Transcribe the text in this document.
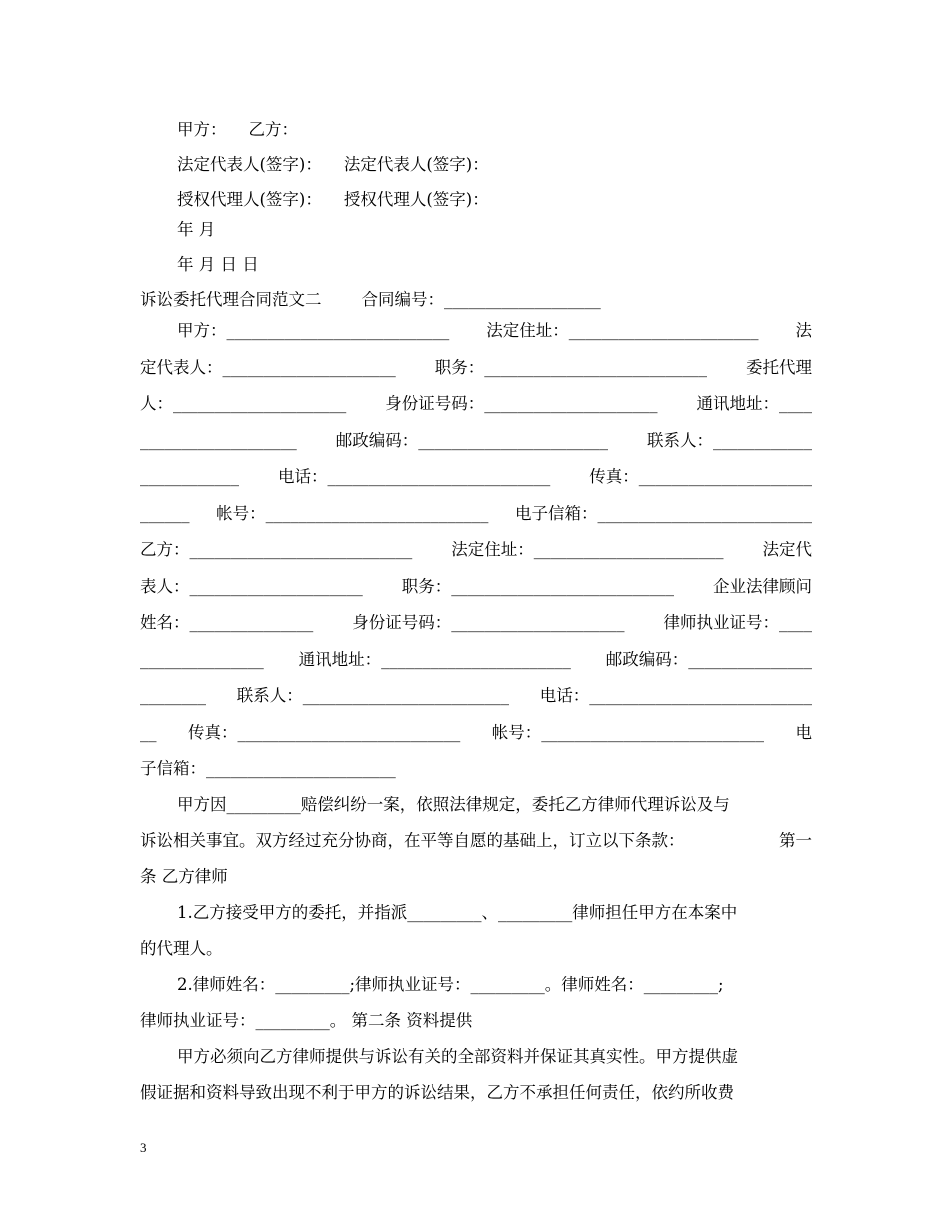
甲方： 乙方：
法定代表人(签字)： 法定代表人(签字)：
授权代理人(签字)： 授权代理人(签字)：
年 月
年 月 日 日
诉讼委托代理合同范文二 合同编号：___________________
甲方：___________________________ 法定住址：_______________________ 法
定代表人：_____________________ 职务：___________________________ 委托代理
人：_____________________ 身份证号码：_____________________ 通讯地址：____
___________________ 邮政编码：_______________________ 联系人：____________
____________ 电话：___________________________ 传真：_____________________
______ 帐号：___________________________ 电子信箱：__________________________
乙方：___________________________ 法定住址：_______________________ 法定代
表人：_____________________ 职务：___________________________ 企业法律顾问
姓名：_______________ 身份证号码：_____________________ 律师执业证号：____
_______________ 通讯地址：_______________________ 邮政编码：_______________
________ 联系人：_________________________ 电话：___________________________
__ 传真：___________________________ 帐号：___________________________ 电
子信箱：_______________________
甲方因_________赔偿纠纷一案，依照法律规定，委托乙方律师代理诉讼及与
诉讼相关事宜。双方经过充分协商，在平等自愿的基础上，订立以下条款：	第一
条 乙方律师
1.乙方接受甲方的委托，并指派_________、_________律师担任甲方在本案中
的代理人。
2.律师姓名：_________;律师执业证号：_________。律师姓名：_________;
律师执业证号：_________。 第二条 资料提供
甲方必须向乙方律师提供与诉讼有关的全部资料并保证其真实性。甲方提供虚
假证据和资料导致出现不利于甲方的诉讼结果，乙方不承担任何责任，依约所收费
3
